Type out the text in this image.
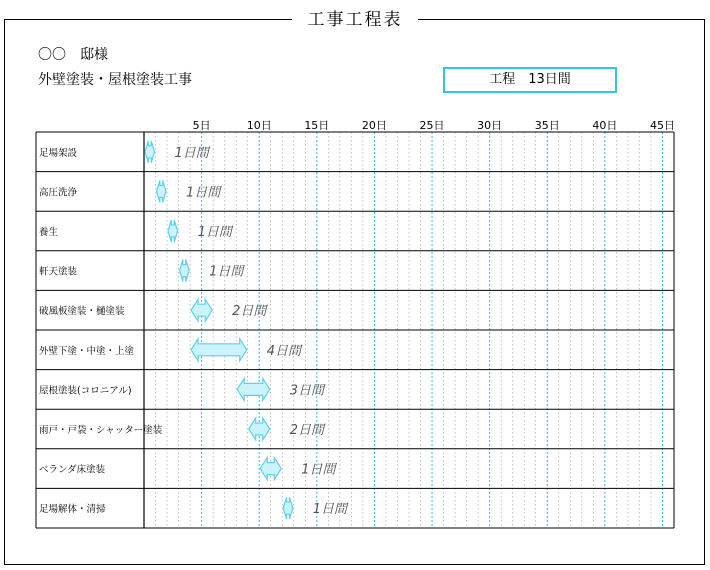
工事工程表
〇〇　邸様
外壁塗装・屋根塗装工事	工程　13日間
5日	10日	15日	20日	25日	30日	35日	40日	45日
足場架設	1日間
高圧洗浄	1日間
養生	1日間
軒天塗装	1日間
破風板塗装・樋塗装	2日間
外壁下塗・中塗・上塗	4日間
屋根塗装(コロニアル)	3日間
雨戸・戸袋・シャッター塗装	2日間
ベランダ床塗装	1日間
足場解体・清掃	1日間
